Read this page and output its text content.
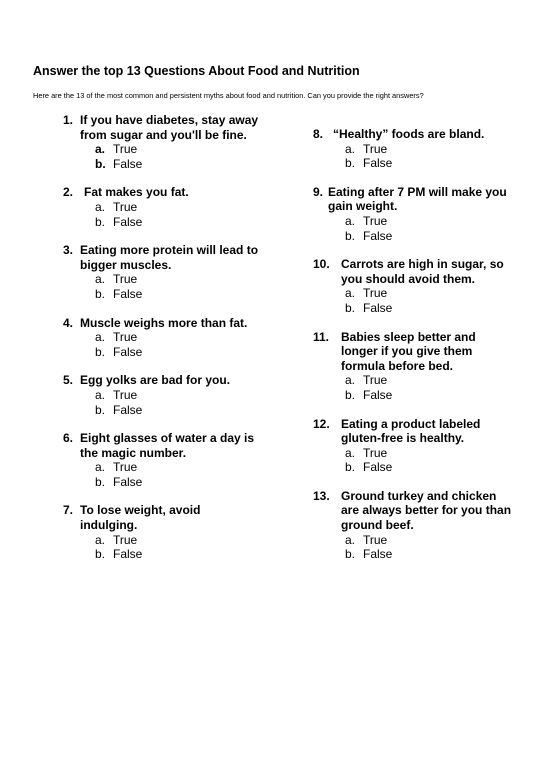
Answer the top 13 Questions About Food and Nutrition
Here are the 13 of the most common and persistent myths about food and nutrition. Can you provide the right answers?
1. If you have diabetes, stay away from sugar and you'll be fine.
a. True
b. False
2. Fat makes you fat.
a. True
b. False
3. Eating more protein will lead to bigger muscles.
a. True
b. False
4. Muscle weighs more than fat.
a. True
b. False
5. Egg yolks are bad for you.
a. True
b. False
6. Eight glasses of water a day is the magic number.
a. True
b. False
7. To lose weight, avoid indulging.
a. True
b. False
8. “Healthy” foods are bland.
a. True
b. False
9. Eating after 7 PM will make you gain weight.
a. True
b. False
10. Carrots are high in sugar, so you should avoid them.
a. True
b. False
11. Babies sleep better and longer if you give them formula before bed.
a. True
b. False
12. Eating a product labeled gluten-free is healthy.
a. True
b. False
13. Ground turkey and chicken are always better for you than ground beef.
a. True
b. False
